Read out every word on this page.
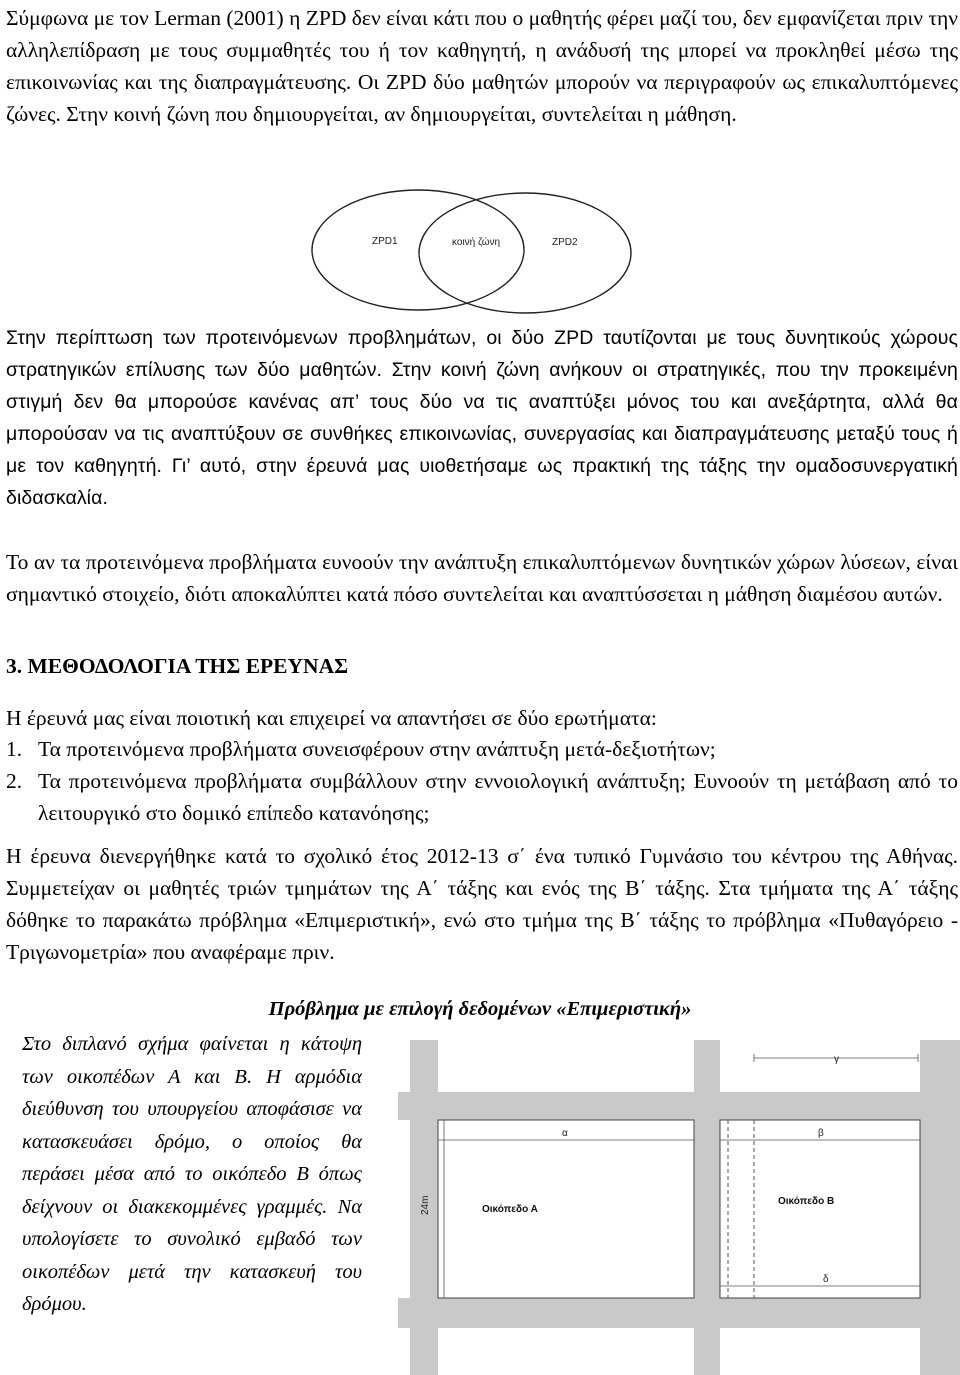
Σύμφωνα με τον Lerman (2001) η ZPD δεν είναι κάτι που ο μαθητής φέρει μαζί του, δεν εμφανίζεται πριν την αλληλεπίδραση με τους συμμαθητές του ή τον καθηγητή, η ανάδυσή της μπορεί να προκληθεί μέσω της επικοινωνίας και της διαπραγμάτευσης. Οι ZPD δύο μαθητών μπορούν να περιγραφούν ως επικαλυπτόμενες ζώνες. Στην κοινή ζώνη που δημιουργείται, αν δημιουργείται, συντελείται η μάθηση.

ZPD1	κοινή ζώνη	ZPD2

Στην περίπτωση των προτεινόμενων προβλημάτων, οι δύο ZPD ταυτίζονται με τους δυνητικούς χώρους στρατηγικών επίλυσης των δύο μαθητών. Στην κοινή ζώνη ανήκουν οι στρατηγικές, που την προκειμένη στιγμή δεν θα μπορούσε κανένας απ’ τους δύο να τις αναπτύξει μόνος του και ανεξάρτητα, αλλά θα μπορούσαν να τις αναπτύξουν σε συνθήκες επικοινωνίας, συνεργασίας και διαπραγμάτευσης μεταξύ τους ή με τον καθηγητή. Γι’ αυτό, στην έρευνά μας υιοθετήσαμε ως πρακτική της τάξης την ομαδοσυνεργατική διδασκαλία.

Το αν τα προτεινόμενα προβλήματα ευνοούν την ανάπτυξη επικαλυπτόμενων δυνητικών χώρων λύσεων, είναι σημαντικό στοιχείο, διότι αποκαλύπτει κατά πόσο συντελείται και αναπτύσσεται η μάθηση διαμέσου αυτών.

3. ΜΕΘΟΔΟΛΟΓΙΑ ΤΗΣ ΕΡΕΥΝΑΣ

Η έρευνά μας είναι ποιοτική και επιχειρεί να απαντήσει σε δύο ερωτήματα:

1. Τα προτεινόμενα προβλήματα συνεισφέρουν στην ανάπτυξη μετά-δεξιοτήτων;
2. Τα προτεινόμενα προβλήματα συμβάλλουν στην εννοιολογική ανάπτυξη; Ευνοούν τη μετάβαση από το λειτουργικό στο δομικό επίπεδο κατανόησης;

Η έρευνα διενεργήθηκε κατά το σχολικό έτος 2012-13 σ΄ ένα τυπικό Γυμνάσιο του κέντρου της Αθήνας. Συμμετείχαν οι μαθητές τριών τμημάτων της Α΄ τάξης και ενός της Β΄ τάξης. Στα τμήματα της Α΄ τάξης δόθηκε το παρακάτω πρόβλημα «Επιμεριστική», ενώ στο τμήμα της Β΄ τάξης το πρόβλημα «Πυθαγόρειο - Τριγωνομετρία» που αναφέραμε πριν.

Πρόβλημα με επιλογή δεδομένων «Επιμεριστική»

Στο διπλανό σχήμα φαίνεται η κάτοψη των οικοπέδων Α και Β. Η αρμόδια διεύθυνση του υπουργείου αποφάσισε να κατασκευάσει δρόμο, ο οποίος θα περάσει μέσα από το οικόπεδο Β όπως δείχνουν οι διακεκομμένες γραμμές. Να υπολογίσετε το συνολικό εμβαδό των οικοπέδων μετά την κατασκευή του δρόμου.

γ
α	β
δ
24m	Οικόπεδο Α
Οικόπεδο Β
